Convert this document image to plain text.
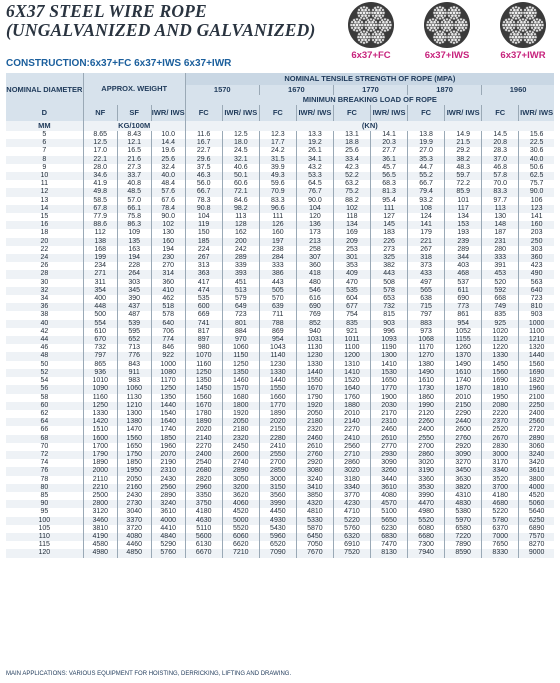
6X37 STEEL WIRE ROPE
(UNGALVANIZED AND GALVANIZED)
6x37+FC	6x37+IWS	6x37+IWR
CONSTRUCTION:6x37+FC 6x37+IWS 6x37+IWR
NOMINAL DIAMETER	APPROX. WEIGHT			NOMINAL TENSILE STRENGTH OF ROPE (MPA)									
				1570		1670		1770		1870		1960	
				MINIMUN BREAKING LOAD OF ROPE									
D	NF	SF	IWR/ IWS	FC	IWR/ IWS	FC	IWR/ IWS	FC	IWR/ IWS	FC	IWR/ IWS	FC	IWR/ IWS
MM	KG/100M			(KN)									
5	8.65	8.43	10.0	11.6	12.5	12.3	13.3	13.1	14.1	13.8	14.9	14.5	15.6
6	12.5	12.1	14.4	16.7	18.0	17.7	19.2	18.8	20.3	19.9	21.5	20.8	22.5
7	17.0	16.5	19.6	22.7	24.5	24.2	26.1	25.6	27.7	27.0	29.2	28.3	30.6
8	22.1	21.6	25.6	29.6	32.1	31.5	34.1	33.4	36.1	35.3	38.2	37.0	40.0
9	28.0	27.3	32.4	37.5	40.6	39.9	43.2	42.3	45.7	44.7	48.3	46.8	50.6
10	34.6	33.7	40.0	46.3	50.1	49.3	53.3	52.2	56.5	55.2	59.7	57.8	62.5
11	41.9	40.8	48.4	56.0	60.6	59.6	64.5	63.2	68.3	66.7	72.2	70.0	75.7
12	49.8	48.5	57.6	66.7	72.1	70.9	76.7	75.2	81.3	79.4	85.9	83.3	90.0
13	58.5	57.0	67.6	78.3	84.6	83.3	90.0	88.2	95.4	93.2	101	97.7	106
14	67.8	66.1	78.4	90.8	98.2	96.6	104	102	111	108	117	113	123
15	77.9	75.8	90.0	104	113	111	120	118	127	124	134	130	141
16	88.6	86.3	102	119	128	126	136	134	145	141	153	148	160
18	112	109	130	150	162	160	173	169	183	179	193	187	203
20	138	135	160	185	200	197	213	209	226	221	239	231	250
22	168	163	194	224	242	238	258	253	273	267	289	280	303
24	199	194	230	267	289	284	307	301	325	318	344	333	360
26	234	228	270	313	339	333	360	353	382	373	403	391	423
28	271	264	314	363	393	386	418	409	443	433	468	453	490
30	311	303	360	417	451	443	480	470	508	497	537	520	563
32	354	345	410	474	513	505	546	535	578	565	611	592	640
34	400	390	462	535	579	570	616	604	653	638	690	668	723
36	448	437	518	600	649	639	690	677	732	715	773	749	810
38	500	487	578	669	723	711	769	754	815	797	861	835	903
40	554	539	640	741	801	788	852	835	903	883	954	925	1000
42	610	595	706	817	884	869	940	921	996	973	1052	1020	1100
44	670	652	774	897	970	954	1031	1011	1093	1068	1155	1120	1210
46	732	713	846	980	1060	1043	1130	1100	1190	1170	1260	1220	1320
48	797	776	922	1070	1150	1140	1230	1200	1300	1270	1370	1330	1440
50	865	843	1000	1160	1250	1230	1330	1310	1410	1380	1490	1450	1560
52	936	911	1080	1250	1350	1330	1440	1410	1530	1490	1610	1560	1690
54	1010	983	1170	1350	1460	1440	1550	1520	1650	1610	1740	1690	1820
56	1090	1060	1250	1450	1570	1550	1670	1640	1770	1730	1870	1810	1960
58	1160	1130	1350	1560	1680	1660	1790	1760	1900	1860	2010	1950	2100
60	1250	1210	1440	1670	1800	1770	1920	1880	2030	1990	2150	2080	2250
62	1330	1300	1540	1780	1920	1890	2050	2010	2170	2120	2290	2220	2400
64	1420	1380	1640	1890	2050	2020	2180	2140	2310	2260	2440	2370	2560
66	1510	1470	1740	2020	2180	2150	2320	2270	2460	2400	2600	2520	2720
68	1600	1560	1850	2140	2320	2280	2460	2410	2610	2550	2760	2670	2890
70	1700	1650	1960	2270	2450	2410	2610	2560	2770	2700	2920	2830	3060
72	1790	1750	2070	2400	2600	2550	2760	2710	2930	2860	3090	3000	3240
74	1890	1850	2190	2540	2740	2700	2920	2860	3090	3020	3270	3170	3420
76	2000	1950	2310	2680	2890	2850	3080	3020	3260	3190	3450	3340	3610
78	2110	2050	2430	2820	3050	3000	3240	3180	3440	3360	3630	3520	3800
80	2210	2160	2560	2960	3200	3150	3410	3340	3610	3530	3820	3700	4000
85	2500	2430	2890	3350	3620	3560	3850	3770	4080	3990	4310	4180	4520
90	2800	2730	3240	3750	4060	3990	4320	4230	4570	4470	4830	4680	5060
95	3120	3040	3610	4180	4520	4450	4810	4710	5100	4980	5380	5220	5640
100	3460	3370	4000	4630	5000	4930	5330	5220	5650	5520	5970	5780	6250
105	3810	3720	4410	5110	5520	5430	5870	5760	6230	6080	6580	6370	6890
110	4190	4080	4840	5600	6060	5960	6450	6320	6830	6680	7220	7000	7570
115	4580	4460	5290	6130	6620	6520	7050	6910	7470	7300	7890	7650	8270
120	4980	4850	5760	6670	7210	7090	7670	7520	8130	7940	8590	8330	9000
MAIN APPLICATIONS: VARIOUS EQUIPMENT FOR HOISTING, DERRICKING, LIFTING AND DRAWING.
